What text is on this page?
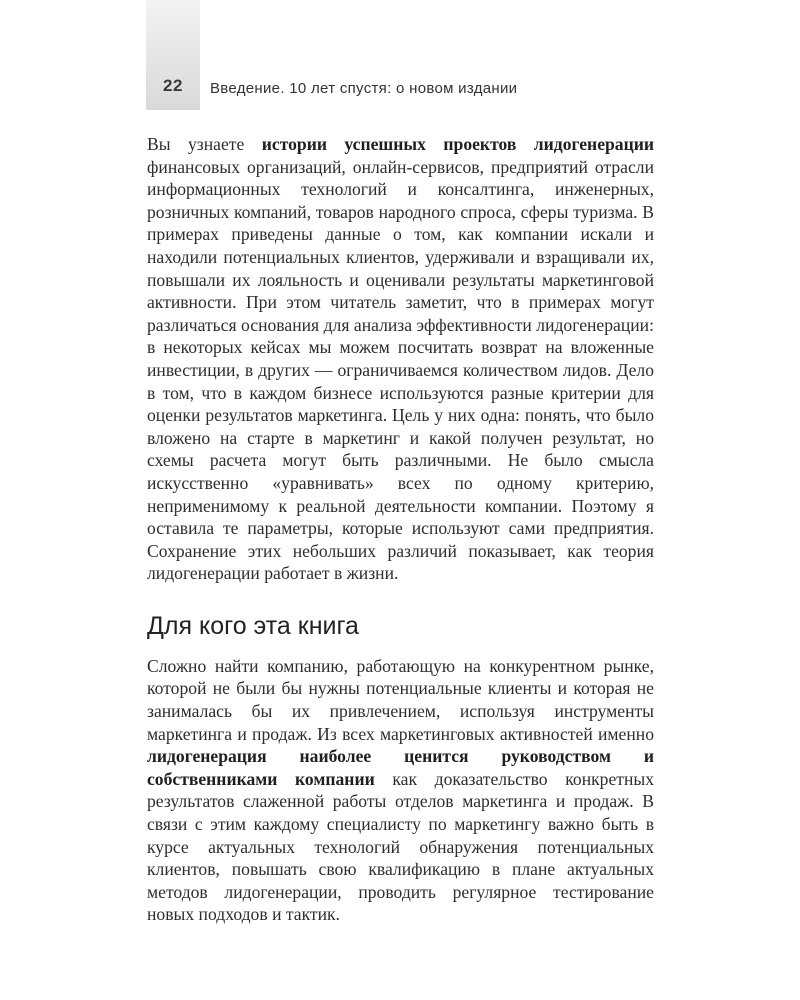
22	Введение. 10 лет спустя: о новом издании

Вы узнаете истории успешных проектов лидогенерации финансовых организаций, онлайн-сервисов, предприятий отрасли информационных технологий и консалтинга, инженерных, розничных компаний, товаров народного спроса, сферы туризма. В примерах приведены данные о том, как компании искали и находили потенциальных клиентов, удерживали и взращивали их, повышали их лояльность и оценивали результаты маркетинговой активности. При этом читатель заметит, что в примерах могут различаться основания для анализа эффективности лидогенерации: в некоторых кейсах мы можем посчитать возврат на вложенные инвестиции, в других — ограничиваемся количеством лидов. Дело в том, что в каждом бизнесе используются разные критерии для оценки результатов маркетинга. Цель у них одна: понять, что было вложено на старте в маркетинг и какой получен результат, но схемы расчета могут быть различными. Не было смысла искусственно «уравнивать» всех по одному критерию, неприменимому к реальной деятельности компании. Поэтому я оставила те параметры, которые используют сами предприятия. Сохранение этих небольших различий показывает, как теория лидогенерации работает в жизни.

Для кого эта книга

Сложно найти компанию, работающую на конкурентном рынке, которой не были бы нужны потенциальные клиенты и которая не занималась бы их привлечением, используя инструменты маркетинга и продаж. Из всех маркетинговых активностей именно лидогенерация наиболее ценится руководством и собственниками компании как доказательство конкретных результатов слаженной работы отделов маркетинга и продаж. В связи с этим каждому специалисту по маркетингу важно быть в курсе актуальных технологий обнаружения потенциальных клиентов, повышать свою квалификацию в плане актуальных методов лидогенерации, проводить регулярное тестирование новых подходов и тактик.
